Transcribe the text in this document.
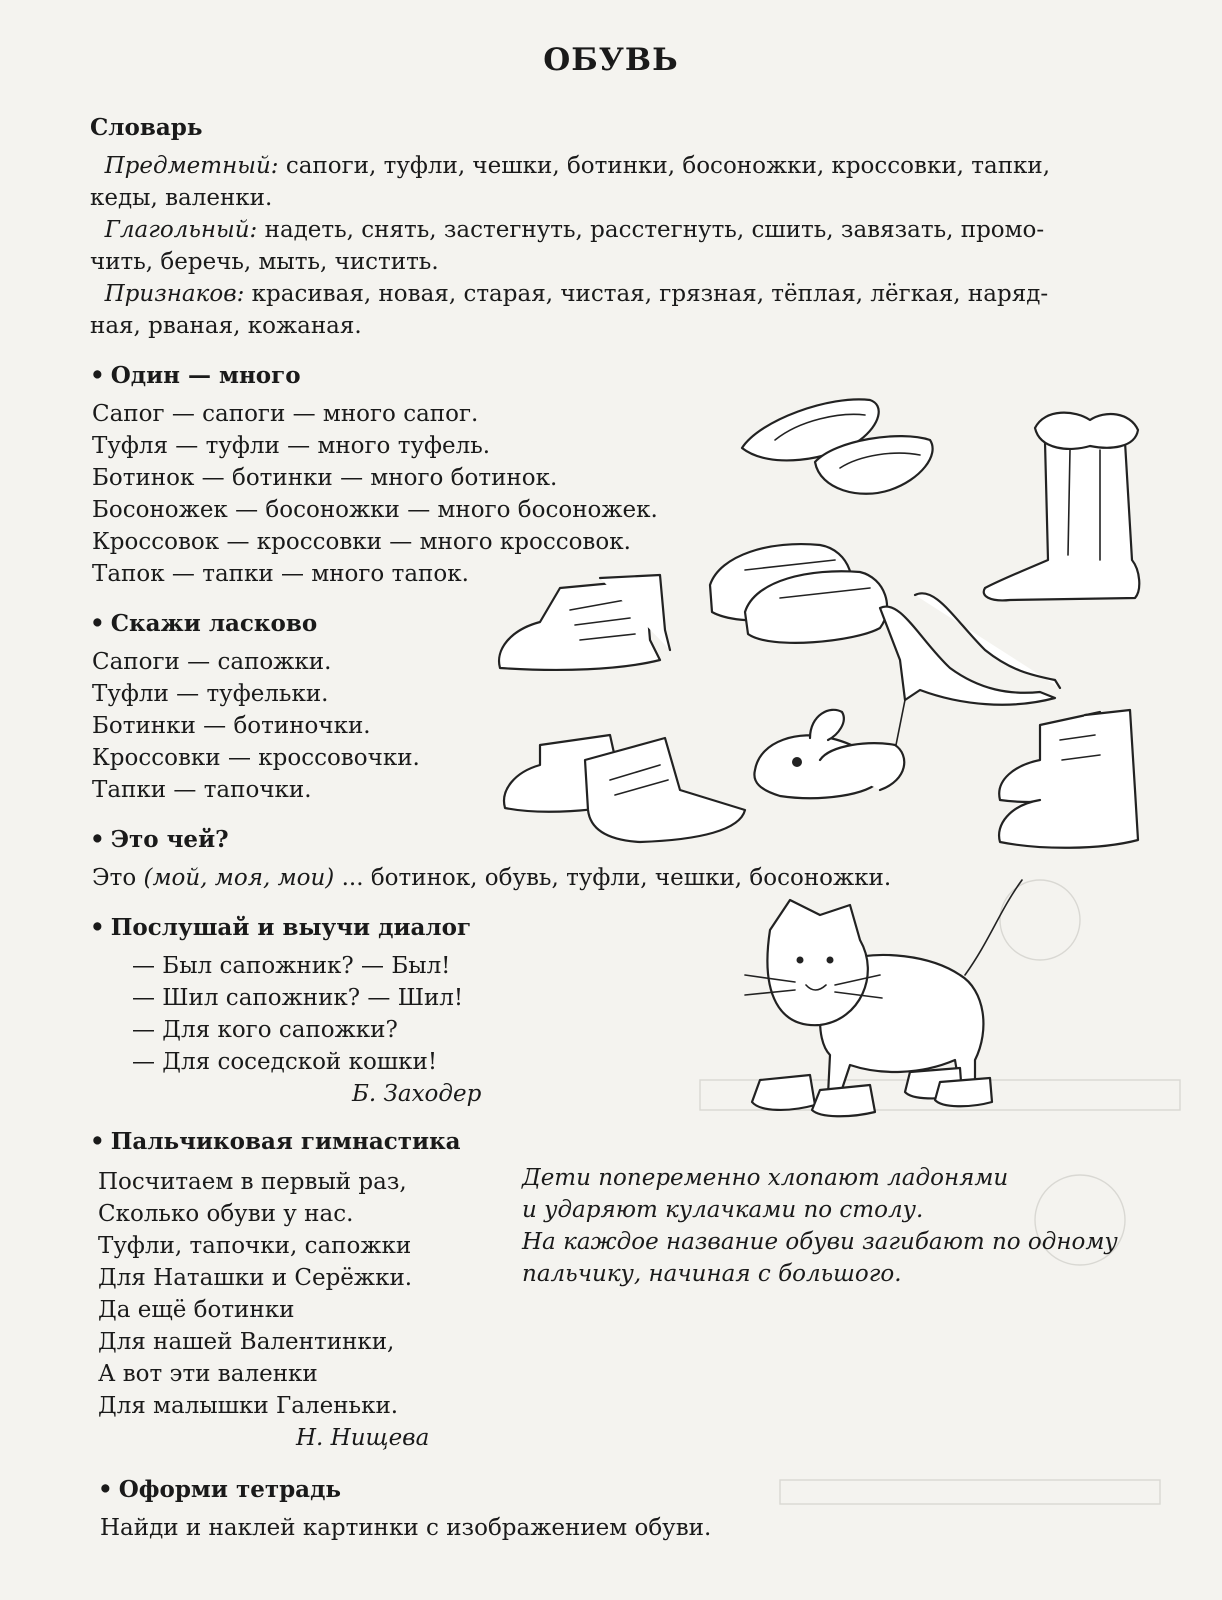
ОБУВЬ
Словарь

Предметный: сапоги, туфли, чешки, ботинки, босоножки, кроссовки, тапки,

кеды, валенки.

Глагольный: надеть, снять, застегнуть, расстегнуть, сшить, завязать, промо-

чить, беречь, мыть, чистить.

Признаков: красивая, новая, старая, чистая, грязная, тёплая, лёгкая, наряд-

ная, рваная, кожаная.

• Один — много
Сапог — сапоги — много сапог.
Туфля — туфли — много туфель.
Ботинок — ботинки — много ботинок.
Босоножек — босоножки — много босоножек.
Кроссовок — кроссовки — много кроссовок.
Тапок — тапки — много тапок.
• Скажи ласково
Сапоги — сапожки.
Туфли — туфельки.
Ботинки — ботиночки.
Кроссовки — кроссовочки.
Тапки — тапочки.
• Это чей?
Это (мой, моя, мои) ... ботинок, обувь, туфли, чешки, босоножки.
• Послушай и выучи диалог
— Был сапожник? — Был!
— Шил сапожник? — Шил!
— Для кого сапожки?
— Для соседской кошки!
Б. Заходер
• Пальчиковая гимнастика
Посчитаем в первый раз,
Сколько обуви у нас.
Туфли, тапочки, сапожки
Для Наташки и Серёжки.
Да ещё ботинки
Для нашей Валентинки,
А вот эти валенки
Для малышки Галеньки.
Н. Нищева
Дети попеременно хлопают ладонями
и ударяют кулачками по столу.
На каждое название обуви загибают по одному
пальчику, начиная с большого.
• Оформи тетрадь
Найди и наклей картинки с изображением обуви.
